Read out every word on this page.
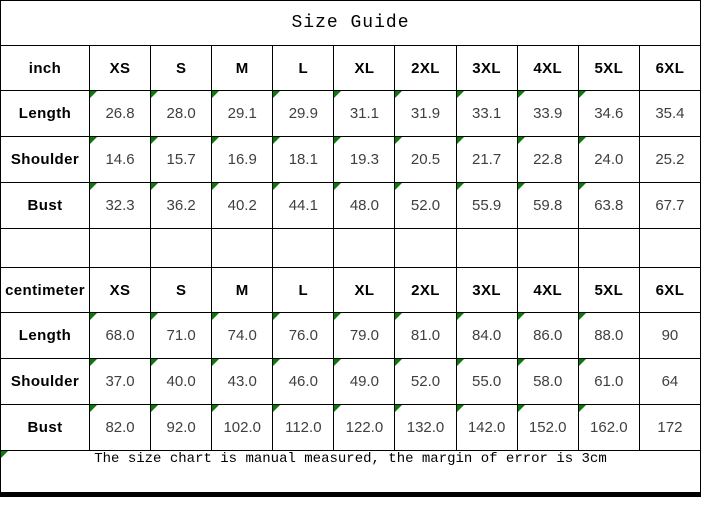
Size Guide										
inch	XS	S	M	L	XL	2XL	3XL	4XL	5XL	6XL
Length	26.8	28.0	29.1	29.9	31.1	31.9	33.1	33.9	34.6	35.4
Shoulder	14.6	15.7	16.9	18.1	19.3	20.5	21.7	22.8	24.0	25.2
Bust	32.3	36.2	40.2	44.1	48.0	52.0	55.9	59.8	63.8	67.7

centimeter	XS	S	M	L	XL	2XL	3XL	4XL	5XL	6XL
Length	68.0	71.0	74.0	76.0	79.0	81.0	84.0	86.0	88.0	90
Shoulder	37.0	40.0	43.0	46.0	49.0	52.0	55.0	58.0	61.0	64
Bust	82.0	92.0	102.0	112.0	122.0	132.0	142.0	152.0	162.0	172

The size chart is manual measured, the margin of error is 3cm										
